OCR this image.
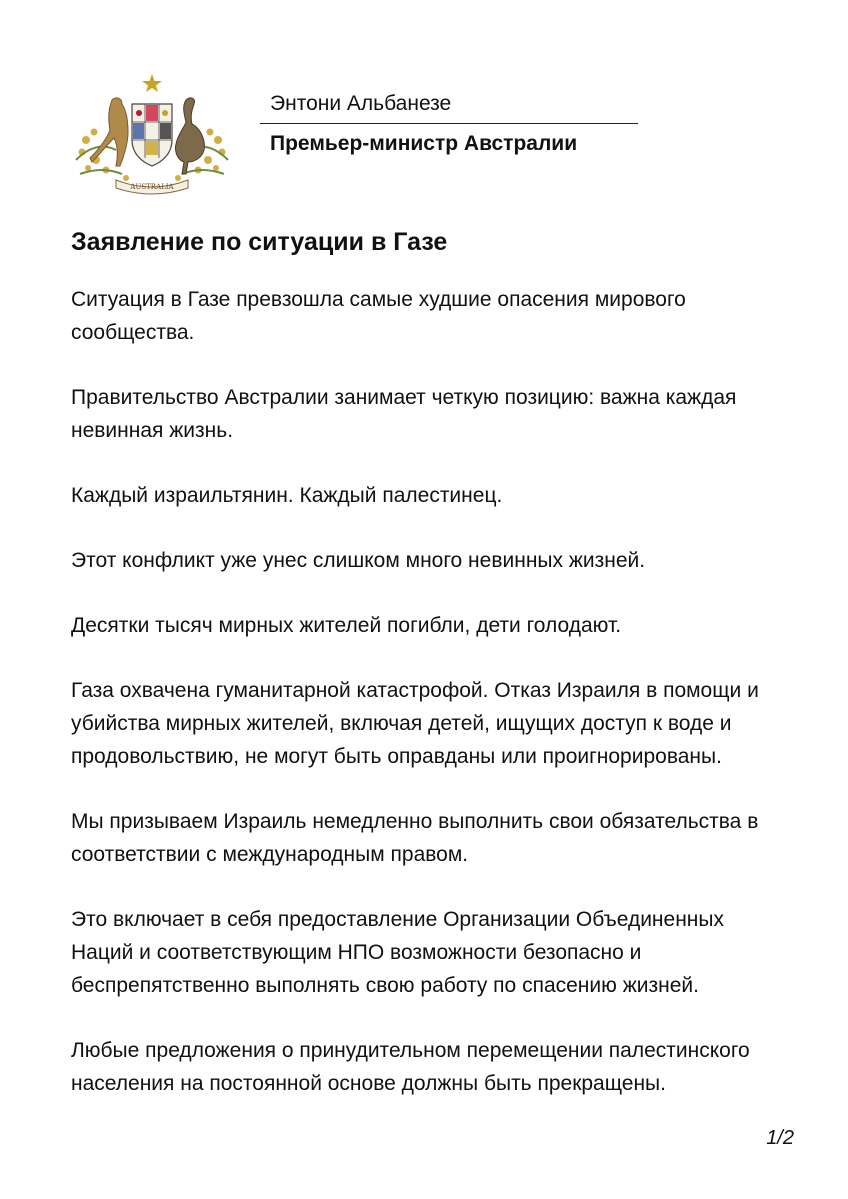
AUSTRALIA
Энтони Альбанезе
Премьер-министр Австралии
Заявление по ситуации в Газе

Ситуация в Газе превзошла самые худшие опасения мирового сообщества.

Правительство Австралии занимает четкую позицию: важна каждая невинная жизнь.

Каждый израильтянин. Каждый палестинец.

Этот конфликт уже унес слишком много невинных жизней.

Десятки тысяч мирных жителей погибли, дети голодают.

Газа охвачена гуманитарной катастрофой. Отказ Израиля в помощи и убийства мирных жителей, включая детей, ищущих доступ к воде и продовольствию, не могут быть оправданы или проигнорированы.

Мы призываем Израиль немедленно выполнить свои обязательства в соответствии с международным правом.

Это включает в себя предоставление Организации Объединенных Наций и соответствующим НПО возможности безопасно и беспрепятственно выполнять свою работу по спасению жизней.

Любые предложения о принудительном перемещении палестинского населения на постоянной основе должны быть прекращены.

1/2
